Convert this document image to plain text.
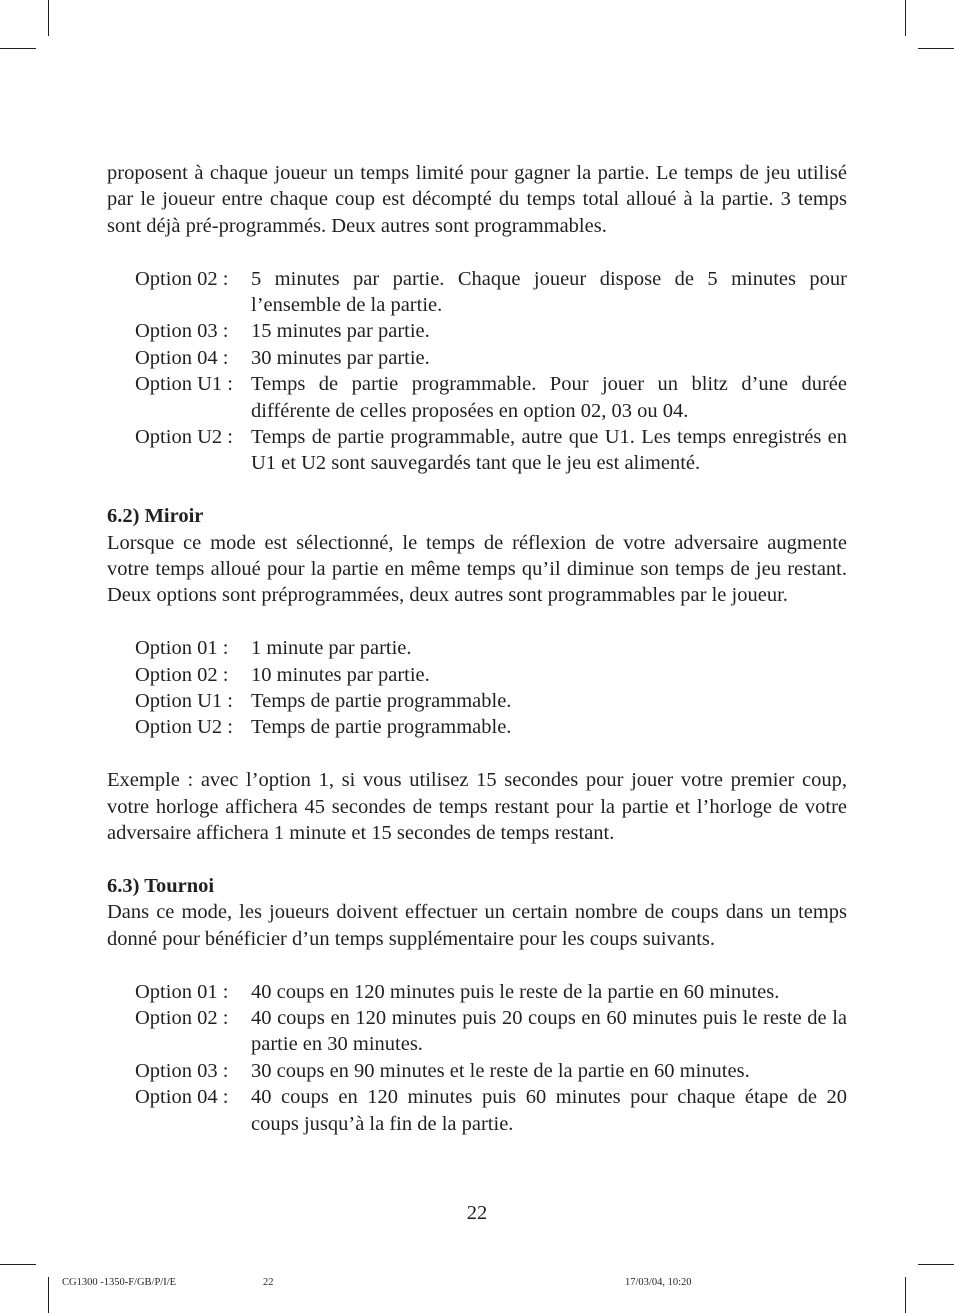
proposent à chaque joueur un temps limité pour gagner la partie. Le temps de jeu utilisé par le joueur entre chaque coup est décompté du temps total alloué à la partie. 3 temps sont déjà pré-programmés. Deux autres sont programmables.

Option 02 :	5 minutes par partie. Chaque joueur dispose de 5 minutes pour l’ensemble de la partie.
Option 03 :	15 minutes par partie.
Option 04 :	30 minutes par partie.
Option U1 : Temps de partie programmable. Pour jouer un blitz d’une durée différente de celles proposées en option 02, 03 ou 04.
Option U2 : Temps de partie programmable, autre que U1. Les temps enregistrés en U1 et U2 sont sauvegardés tant que le jeu est alimenté.

6.2) Miroir

Lorsque ce mode est sélectionné, le temps de réflexion de votre adversaire augmente votre temps alloué pour la partie en même temps qu’il diminue son temps de jeu restant. Deux options sont préprogrammées, deux autres sont programmables par le joueur.

Option 01 :	1 minute par partie.
Option 02 :	10 minutes par partie.
Option U1 : Temps de partie programmable.
Option U2 : Temps de partie programmable.

Exemple : avec l’option 1, si vous utilisez 15 secondes pour jouer votre premier coup, votre horloge affichera 45 secondes de temps restant pour la partie et l’horloge de votre adversaire affichera 1 minute et 15 secondes de temps restant.

6.3) Tournoi

Dans ce mode, les joueurs doivent effectuer un certain nombre de coups dans un temps donné pour bénéficier d’un temps supplémentaire pour les coups suivants.

Option 01 :	40 coups en 120 minutes puis le reste de la partie en 60 minutes.
Option 02 :	40 coups en 120 minutes puis 20 coups en 60 minutes puis le reste de la partie en 30 minutes.
Option 03 :	30 coups en 90 minutes et le reste de la partie en 60 minutes.
Option 04 :	40 coups en 120 minutes puis 60 minutes pour chaque étape de 20 coups jusqu’à la fin de la partie.
22
CG1300 -1350-F/GB/P/I/E	22	17/03/04, 10:20
